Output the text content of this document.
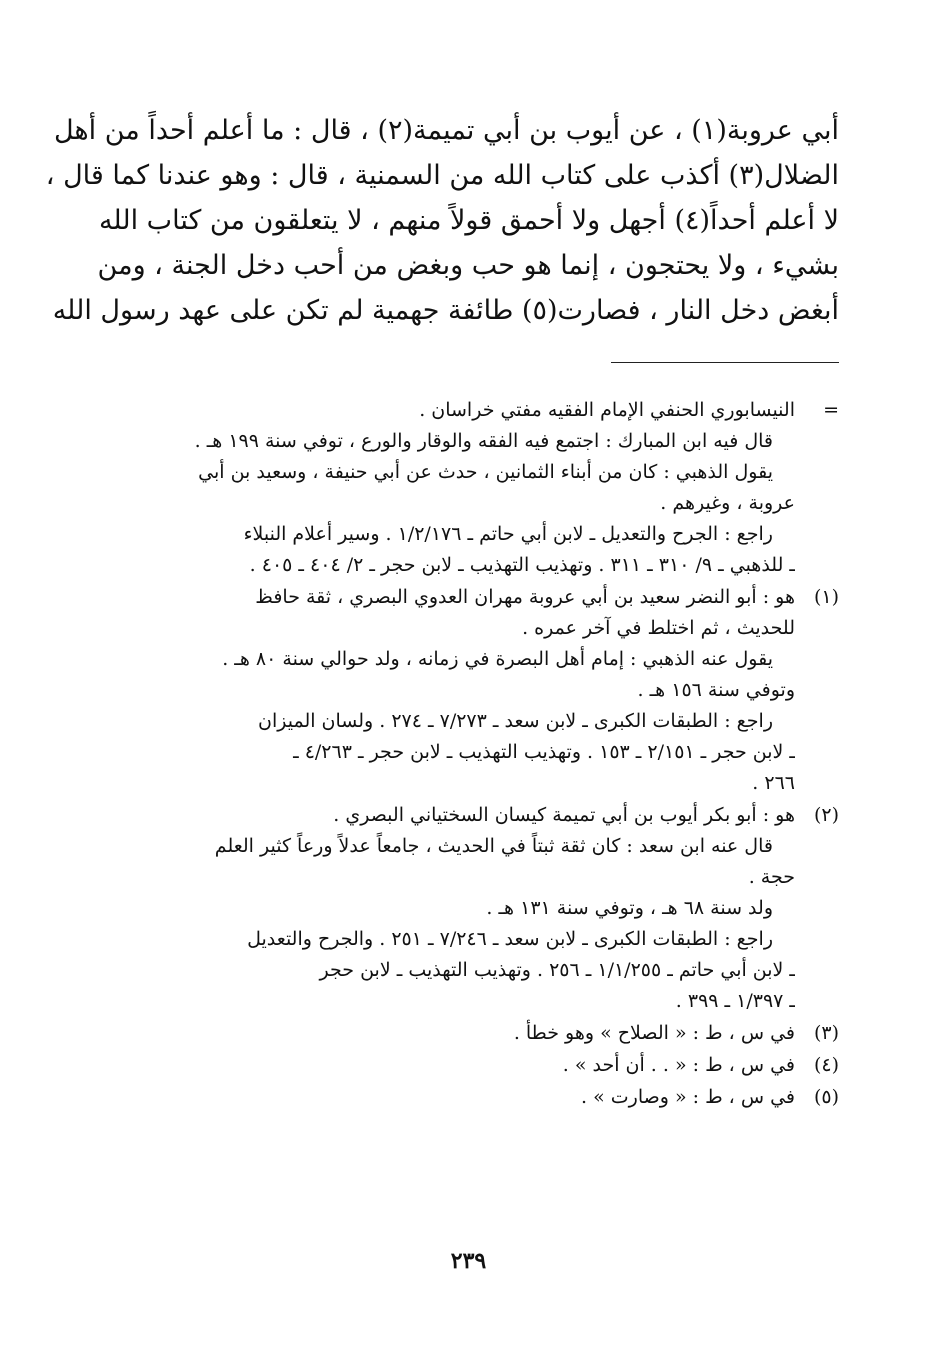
أبي عروبة(١) ، عن أيوب بن أبي تميمة(٢) ، قال : ما أعلم أحداً من أهل
الضلال(٣) أكذب على كتاب الله من السمنية ، قال : وهو عندنا كما قال ،
لا أعلم أحداً(٤) أجهل ولا أحمق قولاً منهم ، لا يتعلقون من كتاب الله
بشيء ، ولا يحتجون ، إنما هو حب وبغض من أحب دخل الجنة ، ومن
أبغض دخل النار ، فصارت(٥) طائفة جهمية لم تكن على عهد رسول الله

=
النيسابوري الحنفي الإمام الفقيه مفتي خراسان .
قال فيه ابن المبارك : اجتمع فيه الفقه والوقار والورع ، توفي سنة ١٩٩ هـ .
يقول الذهبي : كان من أبناء الثمانين ، حدث عن أبي حنيفة ، وسعيد بن أبي
عروبة ، وغيرهم .
راجع : الجرح والتعديل ـ لابن أبي حاتم ـ ١/٢/١٧٦ . وسير أعلام النبلاء
ـ للذهبي ـ ٩/ ٣١٠ ـ ٣١١ . وتهذيب التهذيب ـ لابن حجر ـ ٢/ ٤٠٤ ـ ٤٠٥ .
(١)
هو : أبو النضر سعيد بن أبي عروبة مهران العدوي البصري ، ثقة حافظ
للحديث ، ثم اختلط في آخر عمره .
يقول عنه الذهبي : إمام أهل البصرة في زمانه ، ولد حوالي سنة ٨٠ هـ .
وتوفي سنة ١٥٦ هـ .
راجع : الطبقات الكبرى ـ لابن سعد ـ ٧/٢٧٣ ـ ٢٧٤ . ولسان الميزان
ـ لابن حجر ـ ٢/١٥١ ـ ١٥٣ . وتهذيب التهذيب ـ لابن حجر ـ ٤/٢٦٣ ـ
٢٦٦ .
(٢)
هو : أبو بكر أيوب بن أبي تميمة كيسان السختياني البصري .
قال عنه ابن سعد : كان ثقة ثبتاً في الحديث ، جامعاً عدلاً ورعاً كثير العلم
حجة .
ولد سنة ٦٨ هـ ، وتوفي سنة ١٣١ هـ .
راجع : الطبقات الكبرى ـ لابن سعد ـ ٧/٢٤٦ ـ ٢٥١ . والجرح والتعديل
ـ لابن أبي حاتم ـ ١/١/٢٥٥ ـ ٢٥٦ . وتهذيب التهذيب ـ لابن حجر
ـ ١/٣٩٧ ـ ٣٩٩ .
(٣)
في س ، ط : « الصلاح » وهو خطأ .
(٤)
في س ، ط : « . . أن أحد » .
(٥)
في س ، ط : « وصارت » .
٢٣٩
